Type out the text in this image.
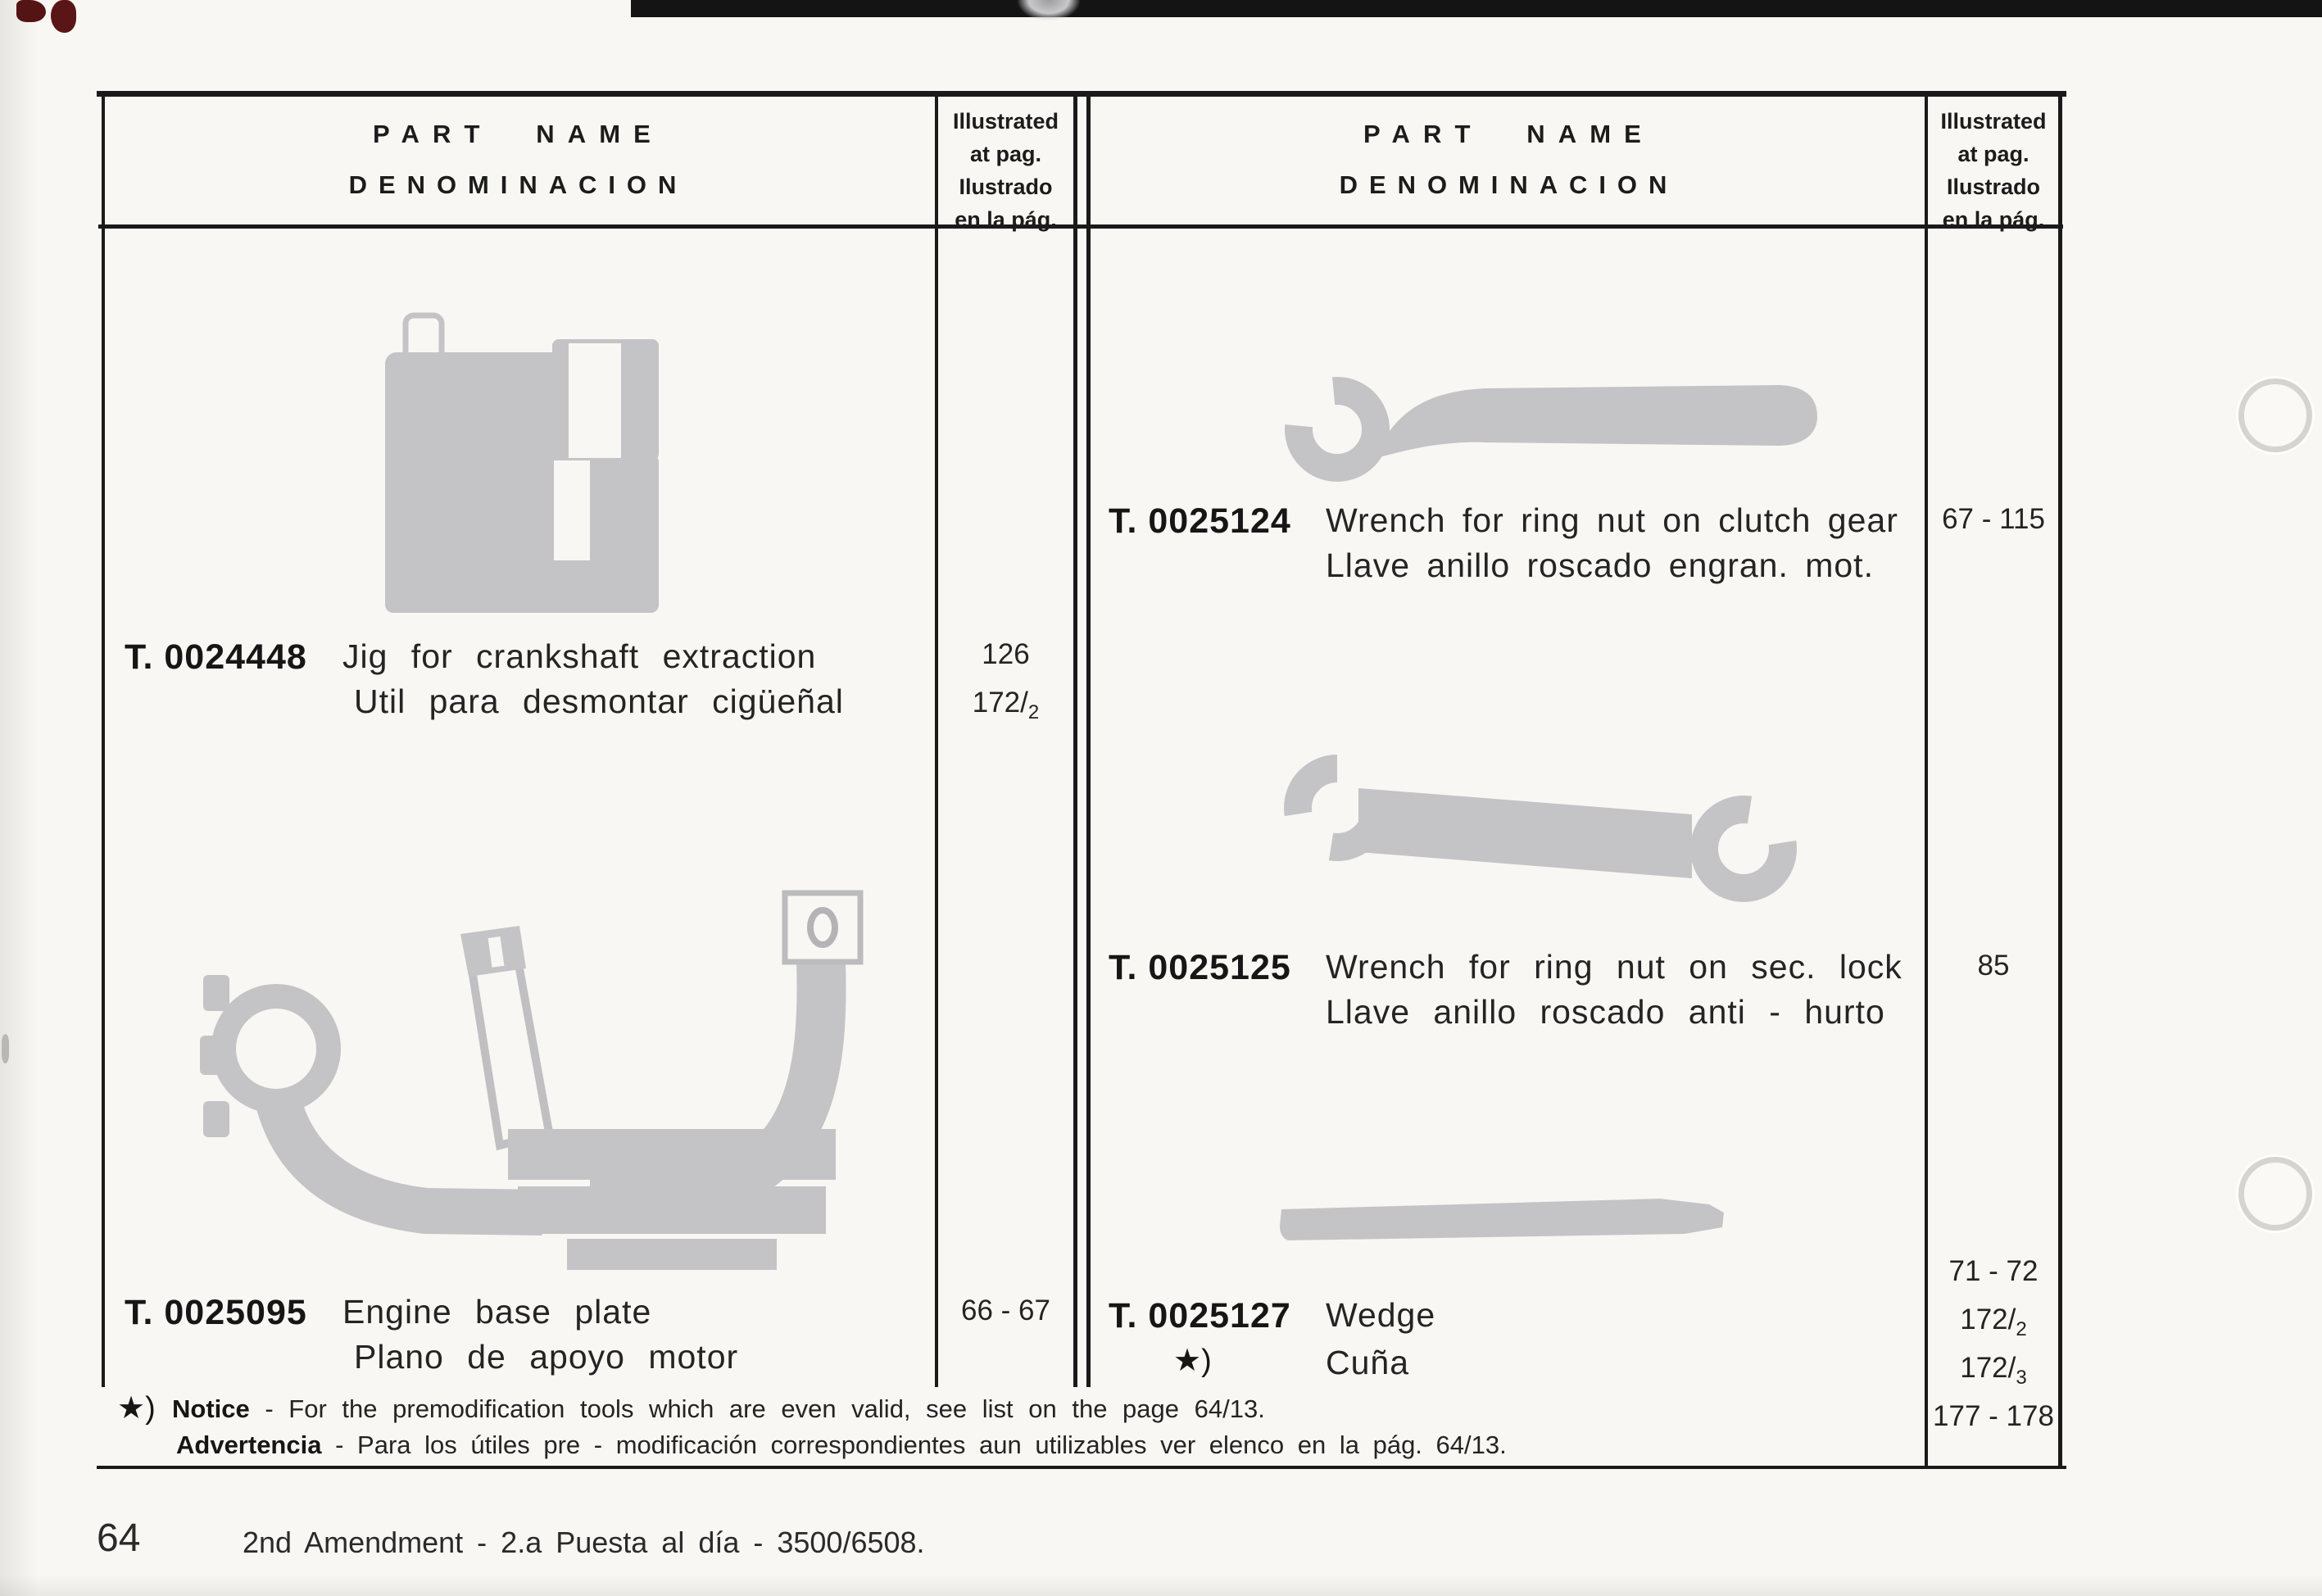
PART NAME
DENOMINACION
Illustrated
at pag.
Ilustrado
en la pág.
PART NAME
DENOMINACION
Illustrated
at pag.
Ilustrado
en la pág.
T. 0024448 Jig for crankshaft extraction
Util para desmontar cigüeñal
126
$172/_2$
T. 0025095 Engine base plate
Plano de apoyo motor
66 - 67
T. 0025124 Wrench for ring nut on clutch gear
Llave anillo roscado engran. mot.
67 - 115
T. 0025125 Wrench for ring nut on sec. lock
Llave anillo roscado anti - hurto
85
T. 0025127
★)
Wedge
Cuña
71 - 72
$172/_2$
$172/_3$
177 - 178
★) Notice - For the premodification tools which are even valid, see list on the page 64/13.
Advertencia - Para los útiles pre - modificación correspondientes aun utilizables ver elenco en la pág. 64/13.
64	2nd Amendment - 2.a Puesta al día - 3500/6508.
